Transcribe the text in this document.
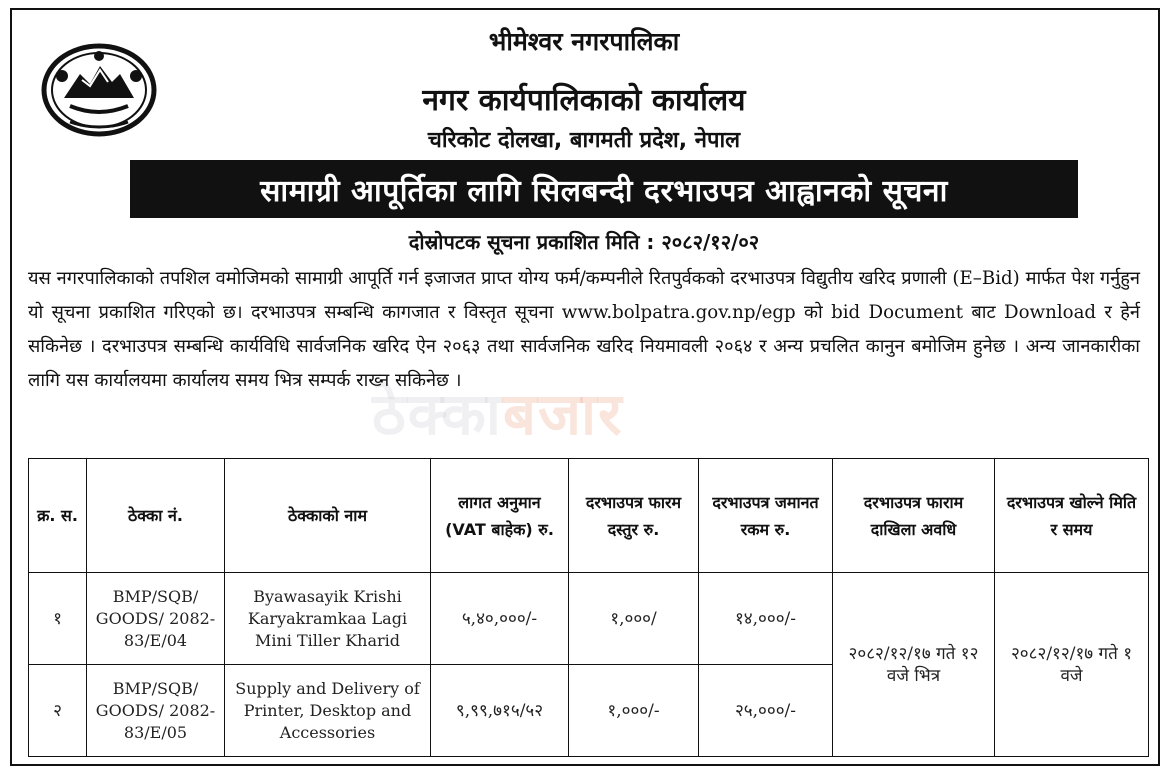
भीमेश्वर नगरपालिका
नगर कार्यपालिकाको कार्यालय
चरिकोट दोलखा, बागमती प्रदेश, नेपाल
सामाग्री आपूर्तिका लागि सिलबन्दी दरभाउपत्र आह्वानको सूचना
दोस्रोपटक सूचना प्रकाशित मिति : २०८२/१२/०२
ठेक्काबजार

यस नगरपालिकाको तपशिल वमोजिमको सामाग्री आपूर्ति गर्न इजाजत प्राप्त योग्य फर्म/कम्पनीले रितपुर्वकको दरभाउपत्र विद्युतीय खरिद प्रणाली (E–Bid) मार्फत पेश गर्नुहुन यो सूचना प्रकाशित गरिएको छ। दरभाउपत्र सम्बन्धि कागजात र विस्तृत सूचना www.bolpatra.gov.np/egp को bid Document बाट Download र हेर्न सकिनेछ । दरभाउपत्र सम्बन्धि कार्यविधि सार्वजनिक खरिद ऐन २०६३ तथा सार्वजनिक खरिद नियमावली २०६४ र अन्य प्रचलित कानुन बमोजिम हुनेछ । अन्य जानकारीका लागि यस कार्यालयमा कार्यालय समय भित्र सम्पर्क राख्न सकिनेछ ।

क्र. स.	ठेक्का नं.	ठेक्काको नाम	लागत अनुमान (VAT बाहेक) रु.	दरभाउपत्र फारम दस्तुर रु.	दरभाउपत्र जमानत रकम रु.	दरभाउपत्र फाराम दाखिला अवधि	दरभाउपत्र खोल्ने मिति र समय
१	BMP/SQB/ GOODS/ 2082-83/E/04	Byawasayik Krishi Karyakramkaa Lagi Mini Tiller Kharid	५,४०,०००/-	१,०००/	१४,०००/-	२०८२/१२/१७ गते १२ वजे भित्र	२०८२/१२/१७ गते १ वजे
२	BMP/SQB/ GOODS/ 2082-83/E/05	Supply and Delivery of Printer, Desktop and Accessories	९,९९,७१५/५२	१,०००/-	२५,०००/-		
